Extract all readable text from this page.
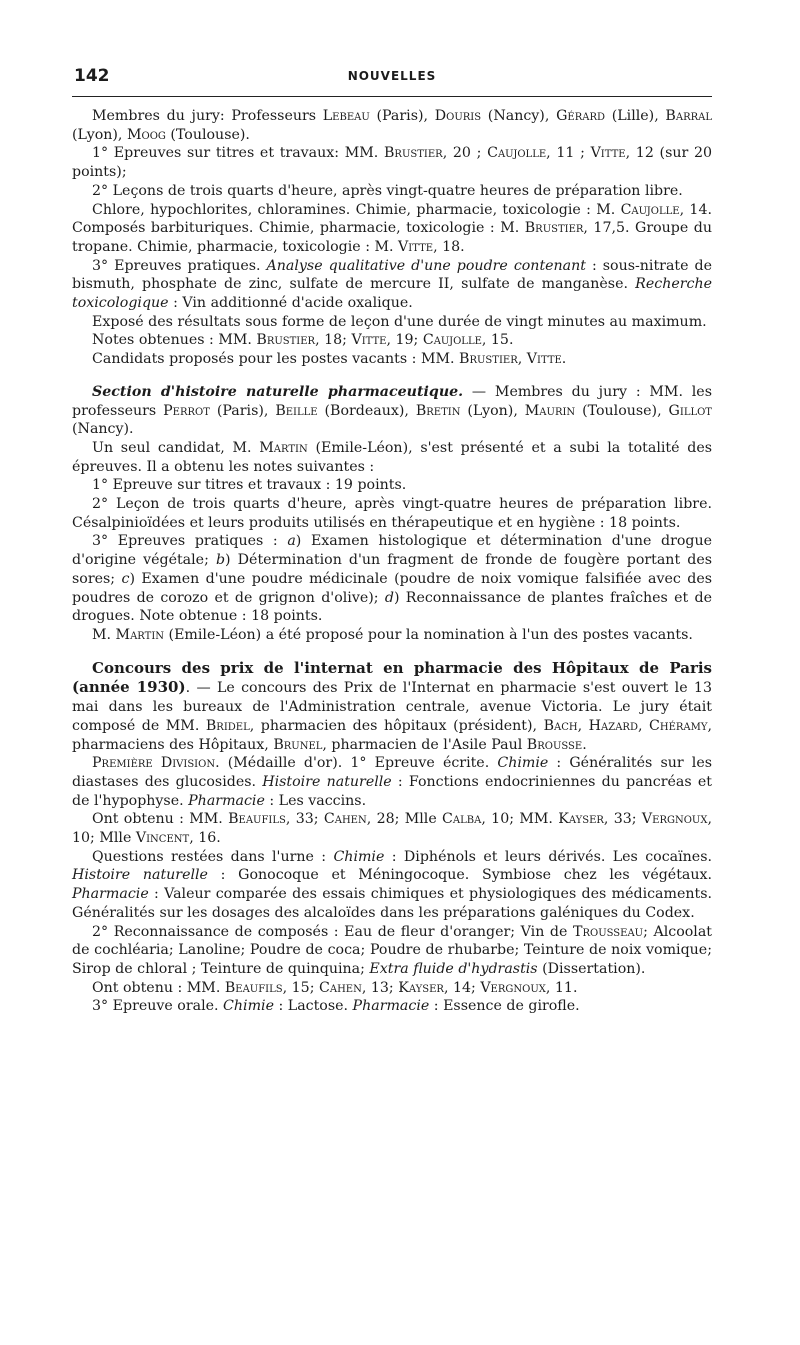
142	NOUVELLES

Membres du jury: Professeurs Lebeau (Paris), Douris (Nancy), Gérard (Lille), Barral (Lyon), Moog (Toulouse).

1° Epreuves sur titres et travaux: MM. Brustier, 20 ; Caujolle, 11 ; Vitte, 12 (sur 20 points);

2° Leçons de trois quarts d'heure, après vingt-quatre heures de préparation libre.

Chlore, hypochlorites, chloramines. Chimie, pharmacie, toxicologie : M. Caujolle, 14. Composés barbituriques. Chimie, pharmacie, toxicologie : M. Brustier, 17,5. Groupe du tropane. Chimie, pharmacie, toxicologie : M. Vitte, 18.

3° Epreuves pratiques. Analyse qualitative d'une poudre contenant : sous-nitrate de bismuth, phosphate de zinc, sulfate de mercure II, sulfate de manganèse. Recherche toxicologique : Vin additionné d'acide oxalique.

Exposé des résultats sous forme de leçon d'une durée de vingt minutes au maximum.

Notes obtenues : MM. Brustier, 18; Vitte, 19; Caujolle, 15.

Candidats proposés pour les postes vacants : MM. Brustier, Vitte.

Section d'histoire naturelle pharmaceutique. — Membres du jury : MM. les professeurs Perrot (Paris), Beille (Bordeaux), Bretin (Lyon), Maurin (Toulouse), Gillot (Nancy).

Un seul candidat, M. Martin (Emile-Léon), s'est présenté et a subi la totalité des épreuves. Il a obtenu les notes suivantes :

1° Epreuve sur titres et travaux : 19 points.

2° Leçon de trois quarts d'heure, après vingt-quatre heures de préparation libre. Césalpinioïdées et leurs produits utilisés en thérapeutique et en hygiène : 18 points.

3° Epreuves pratiques : a) Examen histologique et détermination d'une drogue d'origine végétale; b) Détermination d'un fragment de fronde de fougère portant des sores; c) Examen d'une poudre médicinale (poudre de noix vomique falsifiée avec des poudres de corozo et de grignon d'olive); d) Reconnaissance de plantes fraîches et de drogues. Note obtenue : 18 points.

M. Martin (Emile-Léon) a été proposé pour la nomination à l'un des postes vacants.

Concours des prix de l'internat en pharmacie des Hôpitaux de Paris (année 1930). — Le concours des Prix de l'Internat en pharmacie s'est ouvert le 13 mai dans les bureaux de l'Administration centrale, avenue Victoria. Le jury était composé de MM. Bridel, pharmacien des hôpitaux (président), Bach, Hazard, Chéramy, pharmaciens des Hôpitaux, Brunel, pharmacien de l'Asile Paul Brousse.

Première Division. (Médaille d'or). 1° Epreuve écrite. Chimie : Généralités sur les diastases des glucosides. Histoire naturelle : Fonctions endocriniennes du pancréas et de l'hypophyse. Pharmacie : Les vaccins.

Ont obtenu : MM. Beaufils, 33; Cahen, 28; Mlle Calba, 10; MM. Kayser, 33; Vergnoux, 10; Mlle Vincent, 16.

Questions restées dans l'urne : Chimie : Diphénols et leurs dérivés. Les cocaïnes. Histoire naturelle : Gonocoque et Méningocoque. Symbiose chez les végétaux. Pharmacie : Valeur comparée des essais chimiques et physiologiques des médicaments. Généralités sur les dosages des alcaloïdes dans les préparations galéniques du Codex.

2° Reconnaissance de composés : Eau de fleur d'oranger; Vin de Trousseau; Alcoolat de cochléaria; Lanoline; Poudre de coca; Poudre de rhubarbe; Teinture de noix vomique; Sirop de chloral ; Teinture de quinquina; Extra fluide d'hydrastis (Dissertation).

Ont obtenu : MM. Beaufils, 15; Cahen, 13; Kayser, 14; Vergnoux, 11.

3° Epreuve orale. Chimie : Lactose. Pharmacie : Essence de girofle.
